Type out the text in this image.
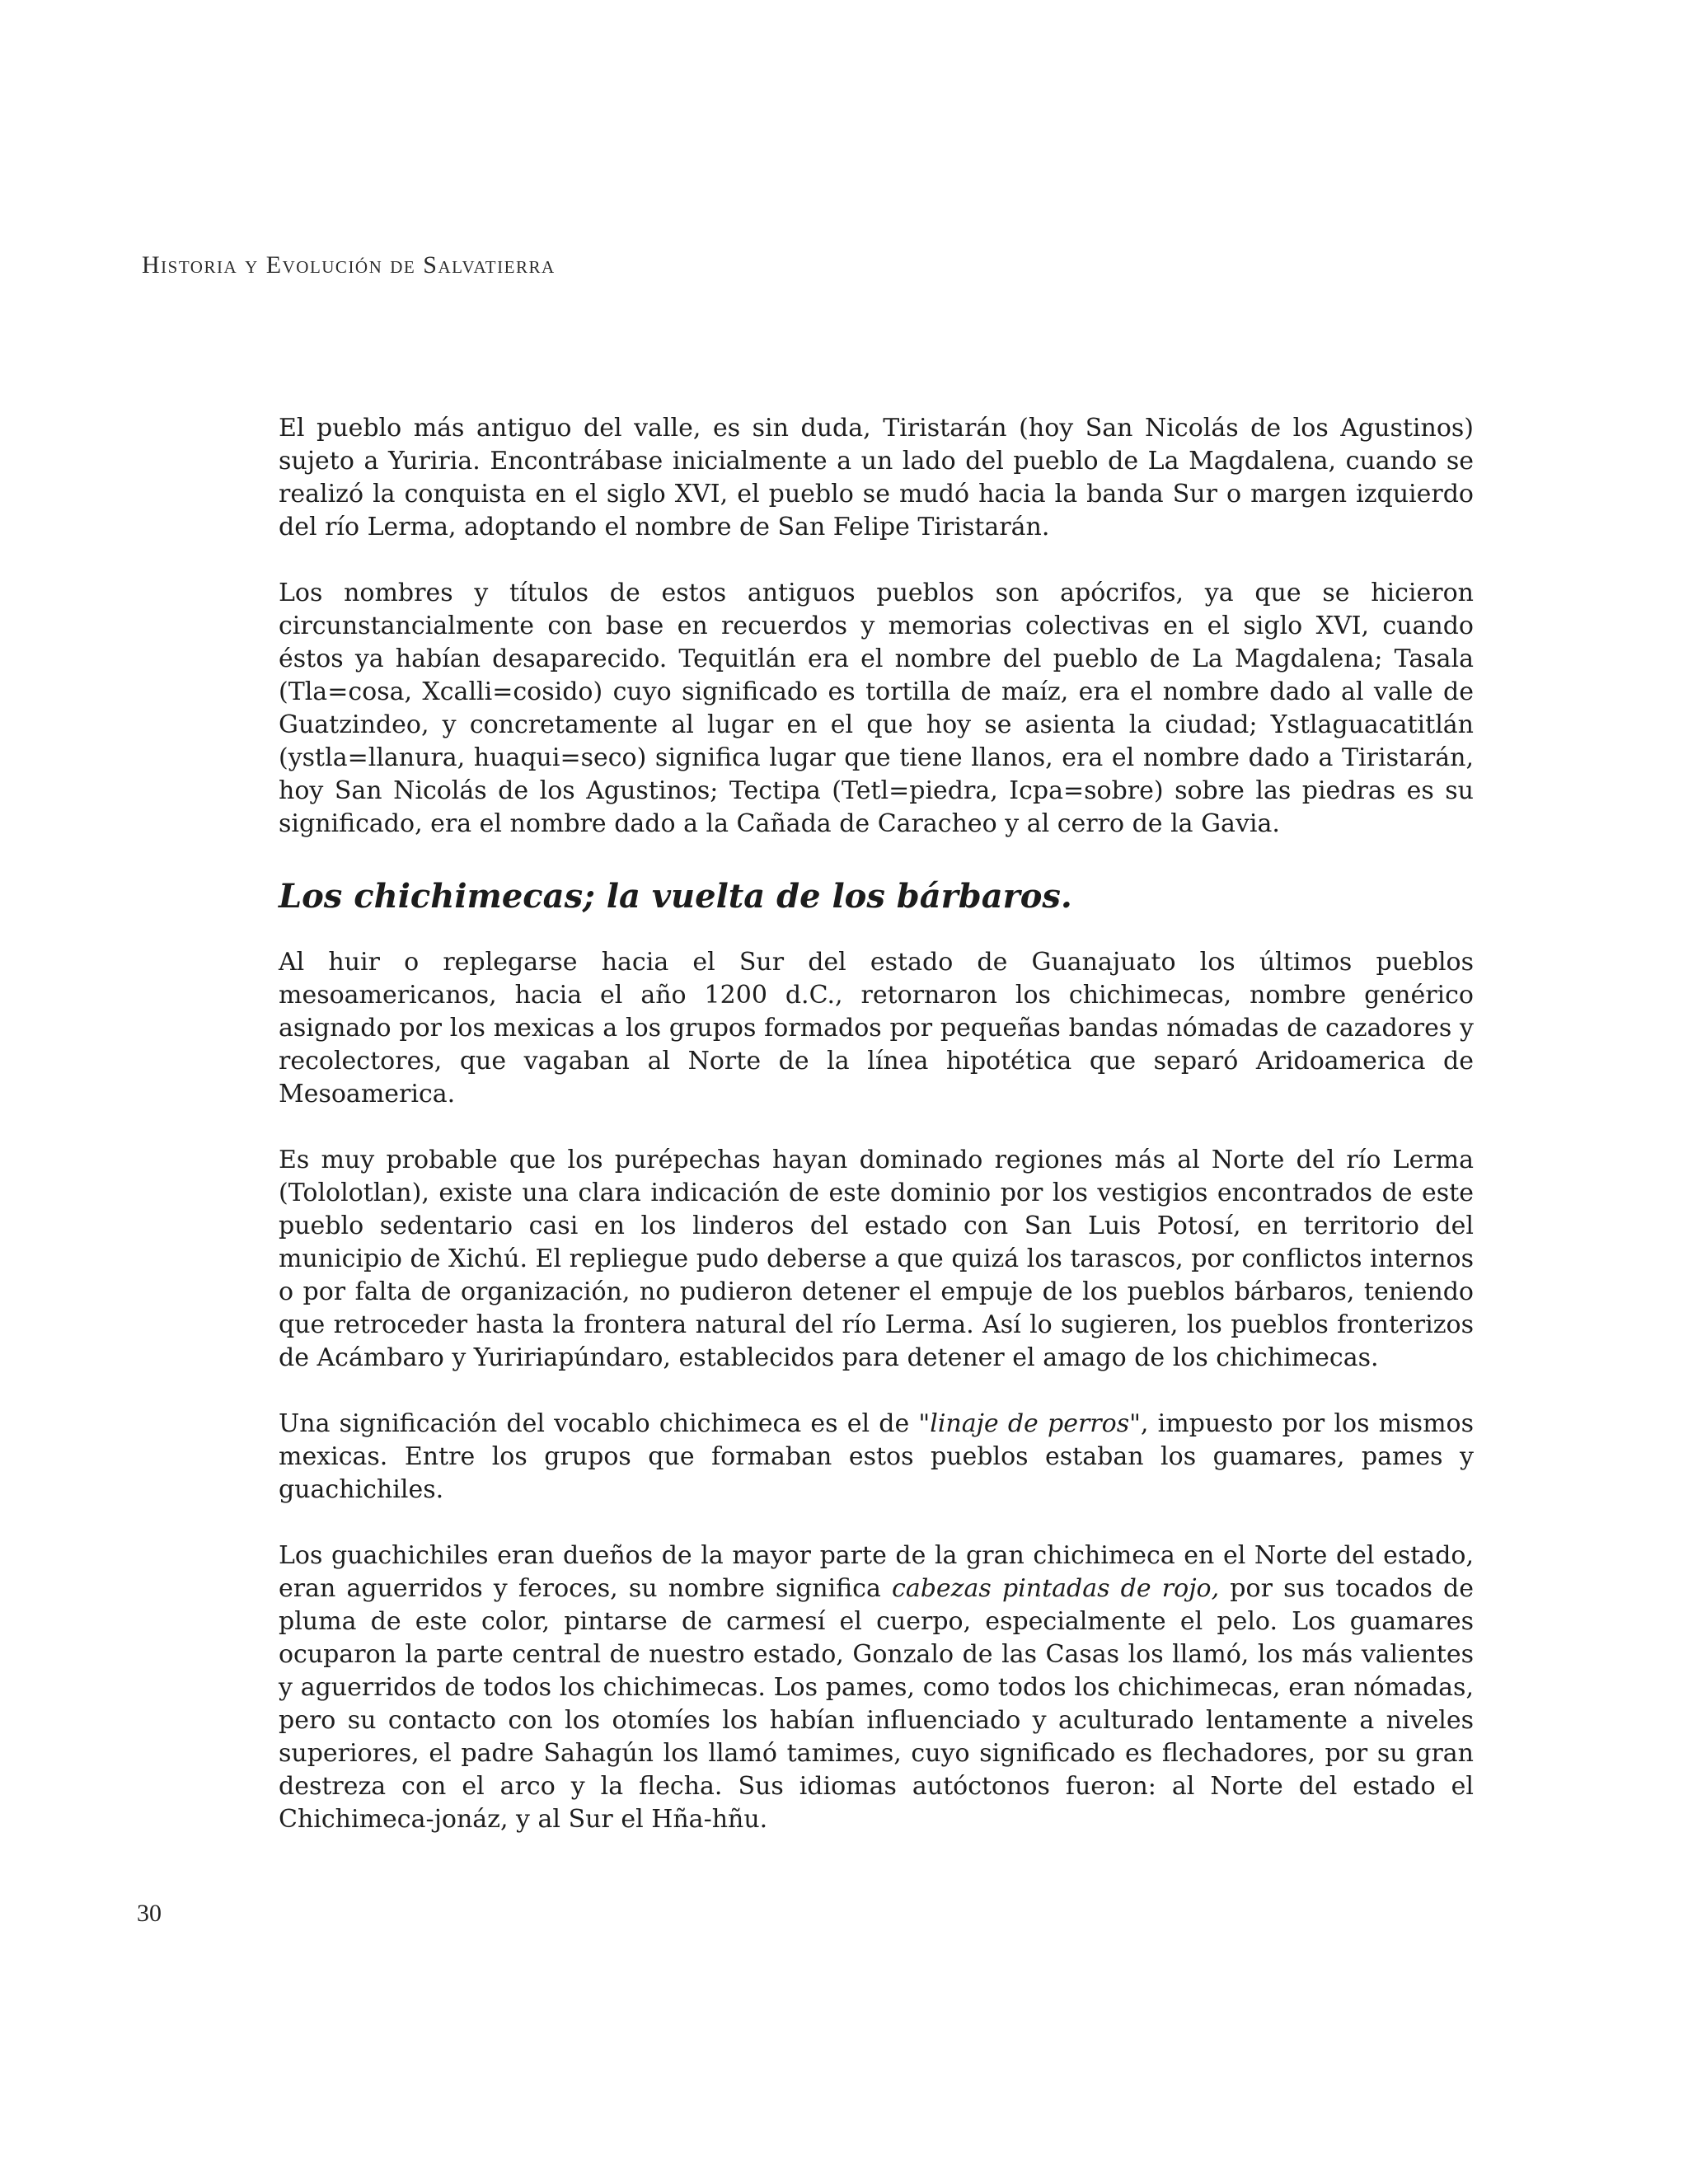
Historia y Evolución de Salvatierra

El pueblo más antiguo del valle, es sin duda, Tiristarán (hoy San Nicolás de los Agustinos) sujeto a Yuriria. Encontrábase inicialmente a un lado del pueblo de La Magdalena, cuando se realizó la conquista en el siglo XVI, el pueblo se mudó hacia la banda Sur o margen izquierdo del río Lerma, adoptando el nombre de San Felipe Tiristarán.

Los nombres y títulos de estos antiguos pueblos son apócrifos, ya que se hicieron circunstancialmente con base en recuerdos y memorias colectivas en el siglo XVI, cuando éstos ya habían desaparecido. Tequitlán era el nombre del pueblo de La Magdalena; Tasala (Tla=cosa, Xcalli=cosido) cuyo significado es tortilla de maíz, era el nombre dado al valle de Guatzindeo, y concretamente al lugar en el que hoy se asienta la ciudad; Ystlaguacatitlán (ystla=llanura, huaqui=seco) significa lugar que tiene llanos, era el nombre dado a Tiristarán, hoy San Nicolás de los Agustinos; Tectipa (Tetl=piedra, Icpa=sobre) sobre las piedras es su significado, era el nombre dado a la Cañada de Caracheo y al cerro de la Gavia.

Los chichimecas; la vuelta de los bárbaros.

Al huir o replegarse hacia el Sur del estado de Guanajuato los últimos pueblos mesoamericanos, hacia el año 1200 d.C., retornaron los chichimecas, nombre genérico asignado por los mexicas a los grupos formados por pequeñas bandas nómadas de cazadores y recolectores, que vagaban al Norte de la línea hipotética que separó Aridoamerica de Mesoamerica.

Es muy probable que los purépechas hayan dominado regiones más al Norte del río Lerma (Tololotlan), existe una clara indicación de este dominio por los vestigios encontrados de este pueblo sedentario casi en los linderos del estado con San Luis Potosí, en territorio del municipio de Xichú. El repliegue pudo deberse a que quizá los tarascos, por conflictos internos o por falta de organización, no pudieron detener el empuje de los pueblos bárbaros, teniendo que retroceder hasta la frontera natural del río Lerma. Así lo sugieren, los pueblos fronterizos de Acámbaro y Yuririapúndaro, establecidos para detener el amago de los chichimecas.

Una significación del vocablo chichimeca es el de "linaje de perros", impuesto por los mismos mexicas. Entre los grupos que formaban estos pueblos estaban los guamares, pames y guachichiles.

Los guachichiles eran dueños de la mayor parte de la gran chichimeca en el Norte del estado, eran aguerridos y feroces, su nombre significa cabezas pintadas de rojo, por sus tocados de pluma de este color, pintarse de carmesí el cuerpo, especialmente el pelo. Los guamares ocuparon la parte central de nuestro estado, Gonzalo de las Casas los llamó, los más valientes y aguerridos de todos los chichimecas. Los pames, como todos los chichimecas, eran nómadas, pero su contacto con los otomíes los habían influenciado y aculturado lentamente a niveles superiores, el padre Sahagún los llamó tamimes, cuyo significado es flechadores, por su gran destreza con el arco y la flecha. Sus idiomas autóctonos fueron: al Norte del estado el Chichimeca-jonáz, y al Sur el Hña-hñu.

30
